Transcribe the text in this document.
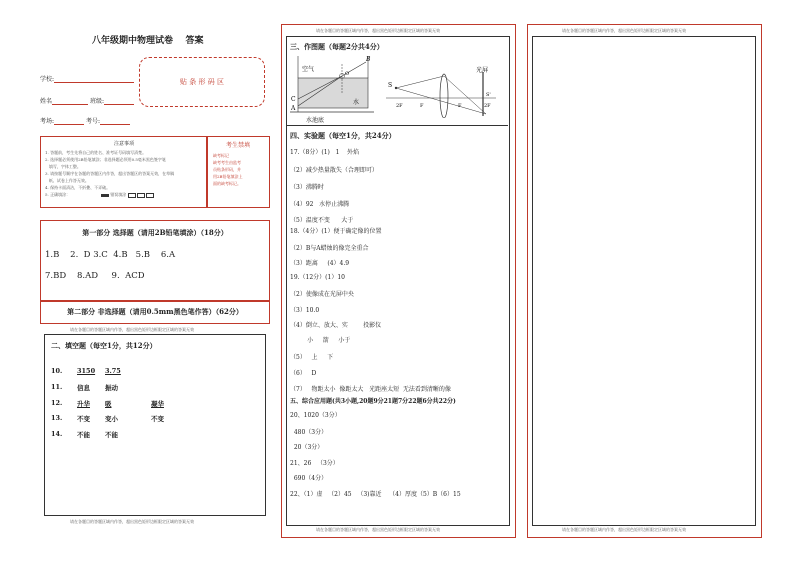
八年级期中物理试卷    答案
学校:
姓名	班级:
考场:	考号:
贴 条 形 码 区
注意事项
1. 答题前，考生先将自己的姓名、准考证号码填写清楚。
2. 选择题必须使用2B铅笔填涂；非选择题必须用0.5毫米黑色签字笔
填写，字体工整。
3. 请按题号顺序在各题的答题区内作答，超出答题区的答案无效，在草稿
纸、试卷上作答无效。
4. 保持卡面清洁，不折叠、不弄破。
5. 正确填涂：	错误填涂
考生禁填
缺考标记
缺考考生由监考
员贴条形码，并
用2B铅笔填涂上
面的缺考标记。
第一部分 选择题（请用2B铅笔填涂）（18分）
1.B    2.  D 3.C  4.B   5.B    6.A
7.BD    8.AD     9.  ACD
第二部分 非选择题（请用0.5mm黑色笔作答）（62分）
请在各题目的答题区域内作答，超出黑色矩形边框限定区域的答案无效
二、填空题（每空1分，共12分）
10. 3150 3.75
11. 信息 振动
12. 升华 吸	凝华
13. 不变 变小	不变
14. 不能 不能
请在各题目的答题区域内作答，超出黑色矩形边框限定区域的答案无效
请在各题目的答题区域内作答，超出黑色矩形边框限定区域的答案无效
请在各题目的答题区域内作答，超出黑色矩形边框限定区域的答案无效
三、作图题（每题2分共4分）
空气
水
水池底
C
A
B
O
S
光屏
2F	F	F	2F
S'
四、实验题（每空1分，共24分）
17.（8分）(1)   1    外焰
（2）减少热量散失（合理即可）
（3）沸腾时
（4）92   水停止沸腾
（5）温度不变      大于
18.（4分）(1）便于确定像的位置
（2）B与A蜡烛的像完全重合
（3）距离     (4）4.9
19.（12分）(1）10
（2）使像成在光屏中央
（3）10.0
（4）倒立、放大、实        投影仪
小     箭     小于
（5）   上     下
（6）   D
（7）   物距太小  像距太大   光距座太短  无法看到清晰的像
五、综合应用题(共3小题,20题9分21题7分22题6分共22分)
20、1020（3分）
480（3分）
20（3分）
21、26   （3分）
690（4分）
22、（1）虚   （2）45   （3)靠近    （4）厚度（5）B（6）15
请在各题目的答题区域内作答，超出黑色矩形边框限定区域的答案无效
请在各题目的答题区域内作答，超出黑色矩形边框限定区域的答案无效
